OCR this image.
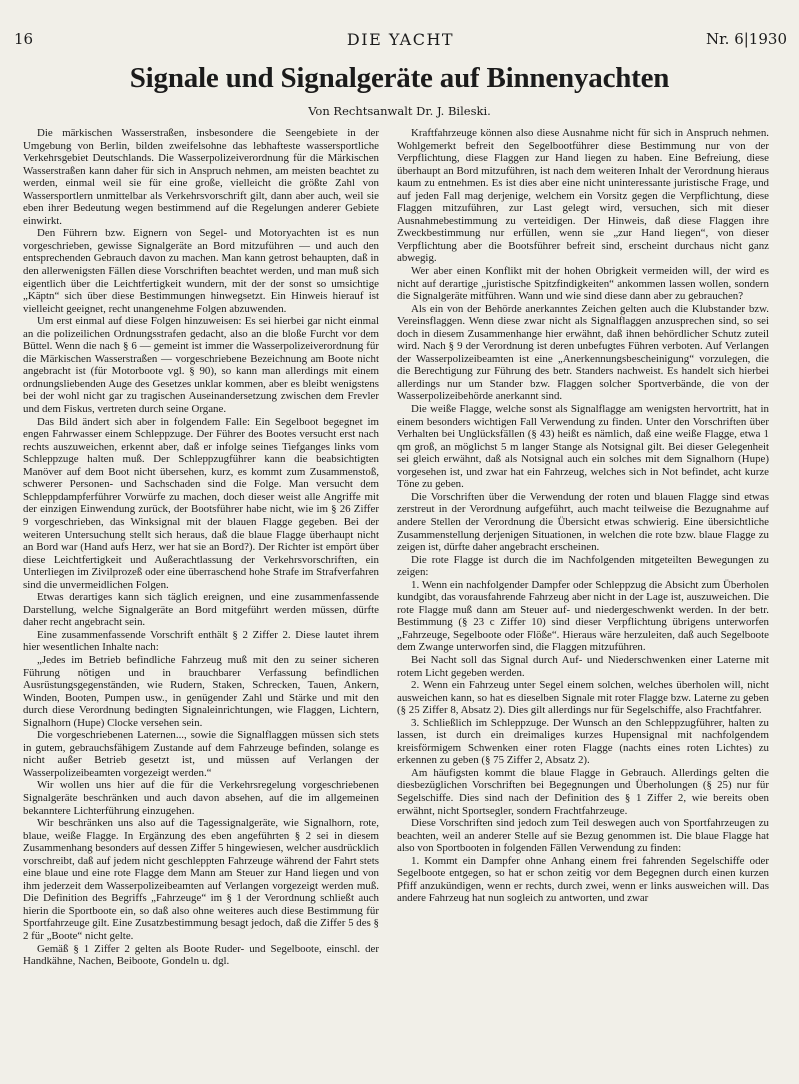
16	DIE YACHT	Nr. 6|1930
Signale und Signalgeräte auf Binnenyachten
Von Rechtsanwalt Dr. J. Bileski.

Die märkischen Wasserstraßen, insbesondere die Seengebiete in der Umgebung von Berlin, bilden zweifelsohne das lebhafteste wassersportliche Verkehrsgebiet Deutschlands. Die Wasserpolizeiverordnung für die Märkischen Wasserstraßen kann daher für sich in Anspruch nehmen, am meisten beachtet zu werden, einmal weil sie für eine große, vielleicht die größte Zahl von Wassersportlern unmittelbar als Verkehrsvorschrift gilt, dann aber auch, weil sie eben ihrer Bedeutung wegen bestimmend auf die Regelungen anderer Gebiete einwirkt.

Den Führern bzw. Eignern von Segel- und Motoryachten ist es nun vorgeschrieben, gewisse Signalgeräte an Bord mitzuführen — und auch den entsprechenden Gebrauch davon zu machen. Man kann getrost behaupten, daß in den allerwenigsten Fällen diese Vorschriften beachtet werden, und man muß sich eigentlich über die Leichtfertigkeit wundern, mit der der sonst so umsichtige „Käptn“ sich über diese Bestimmungen hinwegsetzt. Ein Hinweis hierauf ist vielleicht geeignet, recht unangenehme Folgen abzuwenden.

Um erst einmal auf diese Folgen hinzuweisen: Es sei hierbei gar nicht einmal an die polizeilichen Ordnungsstrafen gedacht, also an die bloße Furcht vor dem Büttel. Wenn die nach § 6 — gemeint ist immer die Wasserpolizeiverordnung für die Märkischen Wasserstraßen — vorgeschriebene Bezeichnung am Boote nicht angebracht ist (für Motorboote vgl. § 90), so kann man allerdings mit einem ordnungsliebenden Auge des Gesetzes unklar kommen, aber es bleibt wenigstens bei der wohl nicht gar zu tragischen Auseinandersetzung zwischen dem Frevler und dem Fiskus, vertreten durch seine Organe.

Das Bild ändert sich aber in folgendem Falle: Ein Segelboot begegnet im engen Fahrwasser einem Schleppzuge. Der Führer des Bootes versucht erst nach rechts auszuweichen, erkennt aber, daß er infolge seines Tiefganges links vom Schleppzuge halten muß. Der Schleppzugführer kann die beabsichtigten Manöver auf dem Boot nicht übersehen, kurz, es kommt zum Zusammenstoß, schwerer Personen- und Sachschaden sind die Folge. Man versucht dem Schleppdampferführer Vorwürfe zu machen, doch dieser weist alle Angriffe mit der einzigen Einwendung zurück, der Bootsführer habe nicht, wie im § 26 Ziffer 9 vorgeschrieben, das Winksignal mit der blauen Flagge gegeben. Bei der weiteren Untersuchung stellt sich heraus, daß die blaue Flagge überhaupt nicht an Bord war (Hand aufs Herz, wer hat sie an Bord?). Der Richter ist empört über diese Leichtfertigkeit und Außerachtlassung der Verkehrsvorschriften, ein Unterliegen im Zivilprozeß oder eine überraschend hohe Strafe im Strafverfahren sind die unvermeidlichen Folgen.

Etwas derartiges kann sich täglich ereignen, und eine zusammenfassende Darstellung, welche Signalgeräte an Bord mitgeführt werden müssen, dürfte daher recht angebracht sein.

Eine zusammenfassende Vorschrift enthält § 2 Ziffer 2. Diese lautet ihrem hier wesentlichen Inhalte nach:

„Jedes im Betrieb befindliche Fahrzeug muß mit den zu seiner sicheren Führung nötigen und in brauchbarer Verfassung befindlichen Ausrüstungsgegenständen, wie Rudern, Staken, Schrecken, Tauen, Ankern, Winden, Booten, Pumpen usw., in genügender Zahl und Stärke und mit den durch diese Verordnung bedingten Signaleinrichtungen, wie Flaggen, Lichtern, Signalhorn (Hupe) Clocke versehen sein.

Die vorgeschriebenen Laternen..., sowie die Signalflaggen müssen sich stets in gutem, gebrauchsfähigem Zustande auf dem Fahrzeuge befinden, solange es nicht außer Betrieb gesetzt ist, und müssen auf Verlangen der Wasserpolizeibeamten vorgezeigt werden.“

Wir wollen uns hier auf die für die Verkehrsregelung vorgeschriebenen Signalgeräte beschränken und auch davon absehen, auf die im allgemeinen bekanntere Lichterführung einzugehen.

Wir beschränken uns also auf die Tagessignalgeräte, wie Signalhorn, rote, blaue, weiße Flagge. In Ergänzung des eben angeführten § 2 sei in diesem Zusammenhang besonders auf dessen Ziffer 5 hingewiesen, welcher ausdrücklich vorschreibt, daß auf jedem nicht geschleppten Fahrzeuge während der Fahrt stets eine blaue und eine rote Flagge dem Mann am Steuer zur Hand liegen und von ihm jederzeit dem Wasserpolizeibeamten auf Verlangen vorgezeigt werden muß. Die Definition des Begriffs „Fahrzeuge“ im § 1 der Verordnung schließt auch hierin die Sportboote ein, so daß also ohne weiteres auch diese Bestimmung für Sportfahrzeuge gilt. Eine Zusatzbestimmung besagt jedoch, daß die Ziffer 5 des § 2 für „Boote“ nicht gelte.

Gemäß § 1 Ziffer 2 gelten als Boote Ruder- und Segelboote, einschl. der Handkähne, Nachen, Beiboote, Gondeln u. dgl.

Kraftfahrzeuge können also diese Ausnahme nicht für sich in Anspruch nehmen. Wohlgemerkt befreit den Segelbootführer diese Bestimmung nur von der Verpflichtung, diese Flaggen zur Hand liegen zu haben. Eine Befreiung, diese überhaupt an Bord mitzuführen, ist nach dem weiteren Inhalt der Verordnung hieraus kaum zu entnehmen. Es ist dies aber eine nicht uninteressante juristische Frage, und auf jeden Fall mag derjenige, welchem ein Vorsitz gegen die Verpflichtung, diese Flaggen mitzuführen, zur Last gelegt wird, versuchen, sich mit dieser Ausnahmebestimmung zu verteidigen. Der Hinweis, daß diese Flaggen ihre Zweckbestimmung nur erfüllen, wenn sie „zur Hand liegen“, von dieser Verpflichtung aber die Bootsführer befreit sind, erscheint durchaus nicht ganz abwegig.

Wer aber einen Konflikt mit der hohen Obrigkeit vermeiden will, der wird es nicht auf derartige „juristische Spitzfindigkeiten“ ankommen lassen wollen, sondern die Signalgeräte mitführen. Wann und wie sind diese dann aber zu gebrauchen?

Als ein von der Behörde anerkanntes Zeichen gelten auch die Klubstander bzw. Vereinsflaggen. Wenn diese zwar nicht als Signalflaggen anzusprechen sind, so sei doch in diesem Zusammenhange hier erwähnt, daß ihnen behördlicher Schutz zuteil wird. Nach § 9 der Verordnung ist deren unbefugtes Führen verboten. Auf Verlangen der Wasserpolizeibeamten ist eine „Anerkennungsbescheinigung“ vorzulegen, die die Berechtigung zur Führung des betr. Standers nachweist. Es handelt sich hierbei allerdings nur um Stander bzw. Flaggen solcher Sportverbände, die von der Wasserpolizeibehörde anerkannt sind.

Die weiße Flagge, welche sonst als Signalflagge am wenigsten hervortritt, hat in einem besonders wichtigen Fall Verwendung zu finden. Unter den Vorschriften über Verhalten bei Unglücksfällen (§ 43) heißt es nämlich, daß eine weiße Flagge, etwa 1 qm groß, an möglichst 5 m langer Stange als Notsignal gilt. Bei dieser Gelegenheit sei gleich erwähnt, daß als Notsignal auch ein solches mit dem Signalhorn (Hupe) vorgesehen ist, und zwar hat ein Fahrzeug, welches sich in Not befindet, acht kurze Töne zu geben.

Die Vorschriften über die Verwendung der roten und blauen Flagge sind etwas zerstreut in der Verordnung aufgeführt, auch macht teilweise die Bezugnahme auf andere Stellen der Verordnung die Übersicht etwas schwierig. Eine übersichtliche Zusammenstellung derjenigen Situationen, in welchen die rote bzw. blaue Flagge zu zeigen ist, dürfte daher angebracht erscheinen.

Die rote Flagge ist durch die im Nachfolgenden mitgeteilten Bewegungen zu zeigen:

1. Wenn ein nachfolgender Dampfer oder Schleppzug die Absicht zum Überholen kundgibt, das vorausfahrende Fahrzeug aber nicht in der Lage ist, auszuweichen. Die rote Flagge muß dann am Steuer auf- und niedergeschwenkt werden. In der betr. Bestimmung (§ 23 c Ziffer 10) sind dieser Verpflichtung übrigens unterworfen „Fahrzeuge, Segelboote oder Flöße“. Hieraus wäre herzuleiten, daß auch Segelboote dem Zwange unterworfen sind, die Flaggen mitzuführen.

Bei Nacht soll das Signal durch Auf- und Niederschwenken einer Laterne mit rotem Licht gegeben werden.

2. Wenn ein Fahrzeug unter Segel einem solchen, welches überholen will, nicht ausweichen kann, so hat es dieselben Signale mit roter Flagge bzw. Laterne zu geben (§ 25 Ziffer 8, Absatz 2). Dies gilt allerdings nur für Segelschiffe, also Frachtfahrer.

3. Schließlich im Schleppzuge. Der Wunsch an den Schleppzugführer, halten zu lassen, ist durch ein dreimaliges kurzes Hupensignal mit nachfolgendem kreisförmigem Schwenken einer roten Flagge (nachts eines roten Lichtes) zu erkennen zu geben (§ 75 Ziffer 2, Absatz 2).

Am häufigsten kommt die blaue Flagge in Gebrauch. Allerdings gelten die diesbezüglichen Vorschriften bei Begegnungen und Überholungen (§ 25) nur für Segelschiffe. Dies sind nach der Definition des § 1 Ziffer 2, wie bereits oben erwähnt, nicht Sportsegler, sondern Frachtfahrzeuge.

Diese Vorschriften sind jedoch zum Teil deswegen auch von Sportfahrzeugen zu beachten, weil an anderer Stelle auf sie Bezug genommen ist. Die blaue Flagge hat also von Sportbooten in folgenden Fällen Verwendung zu finden:

1. Kommt ein Dampfer ohne Anhang einem frei fahrenden Segelschiffe oder Segelboote entgegen, so hat er schon zeitig vor dem Begegnen durch einen kurzen Pfiff anzukündigen, wenn er rechts, durch zwei, wenn er links ausweichen will. Das andere Fahrzeug hat nun sogleich zu antworten, und zwar
